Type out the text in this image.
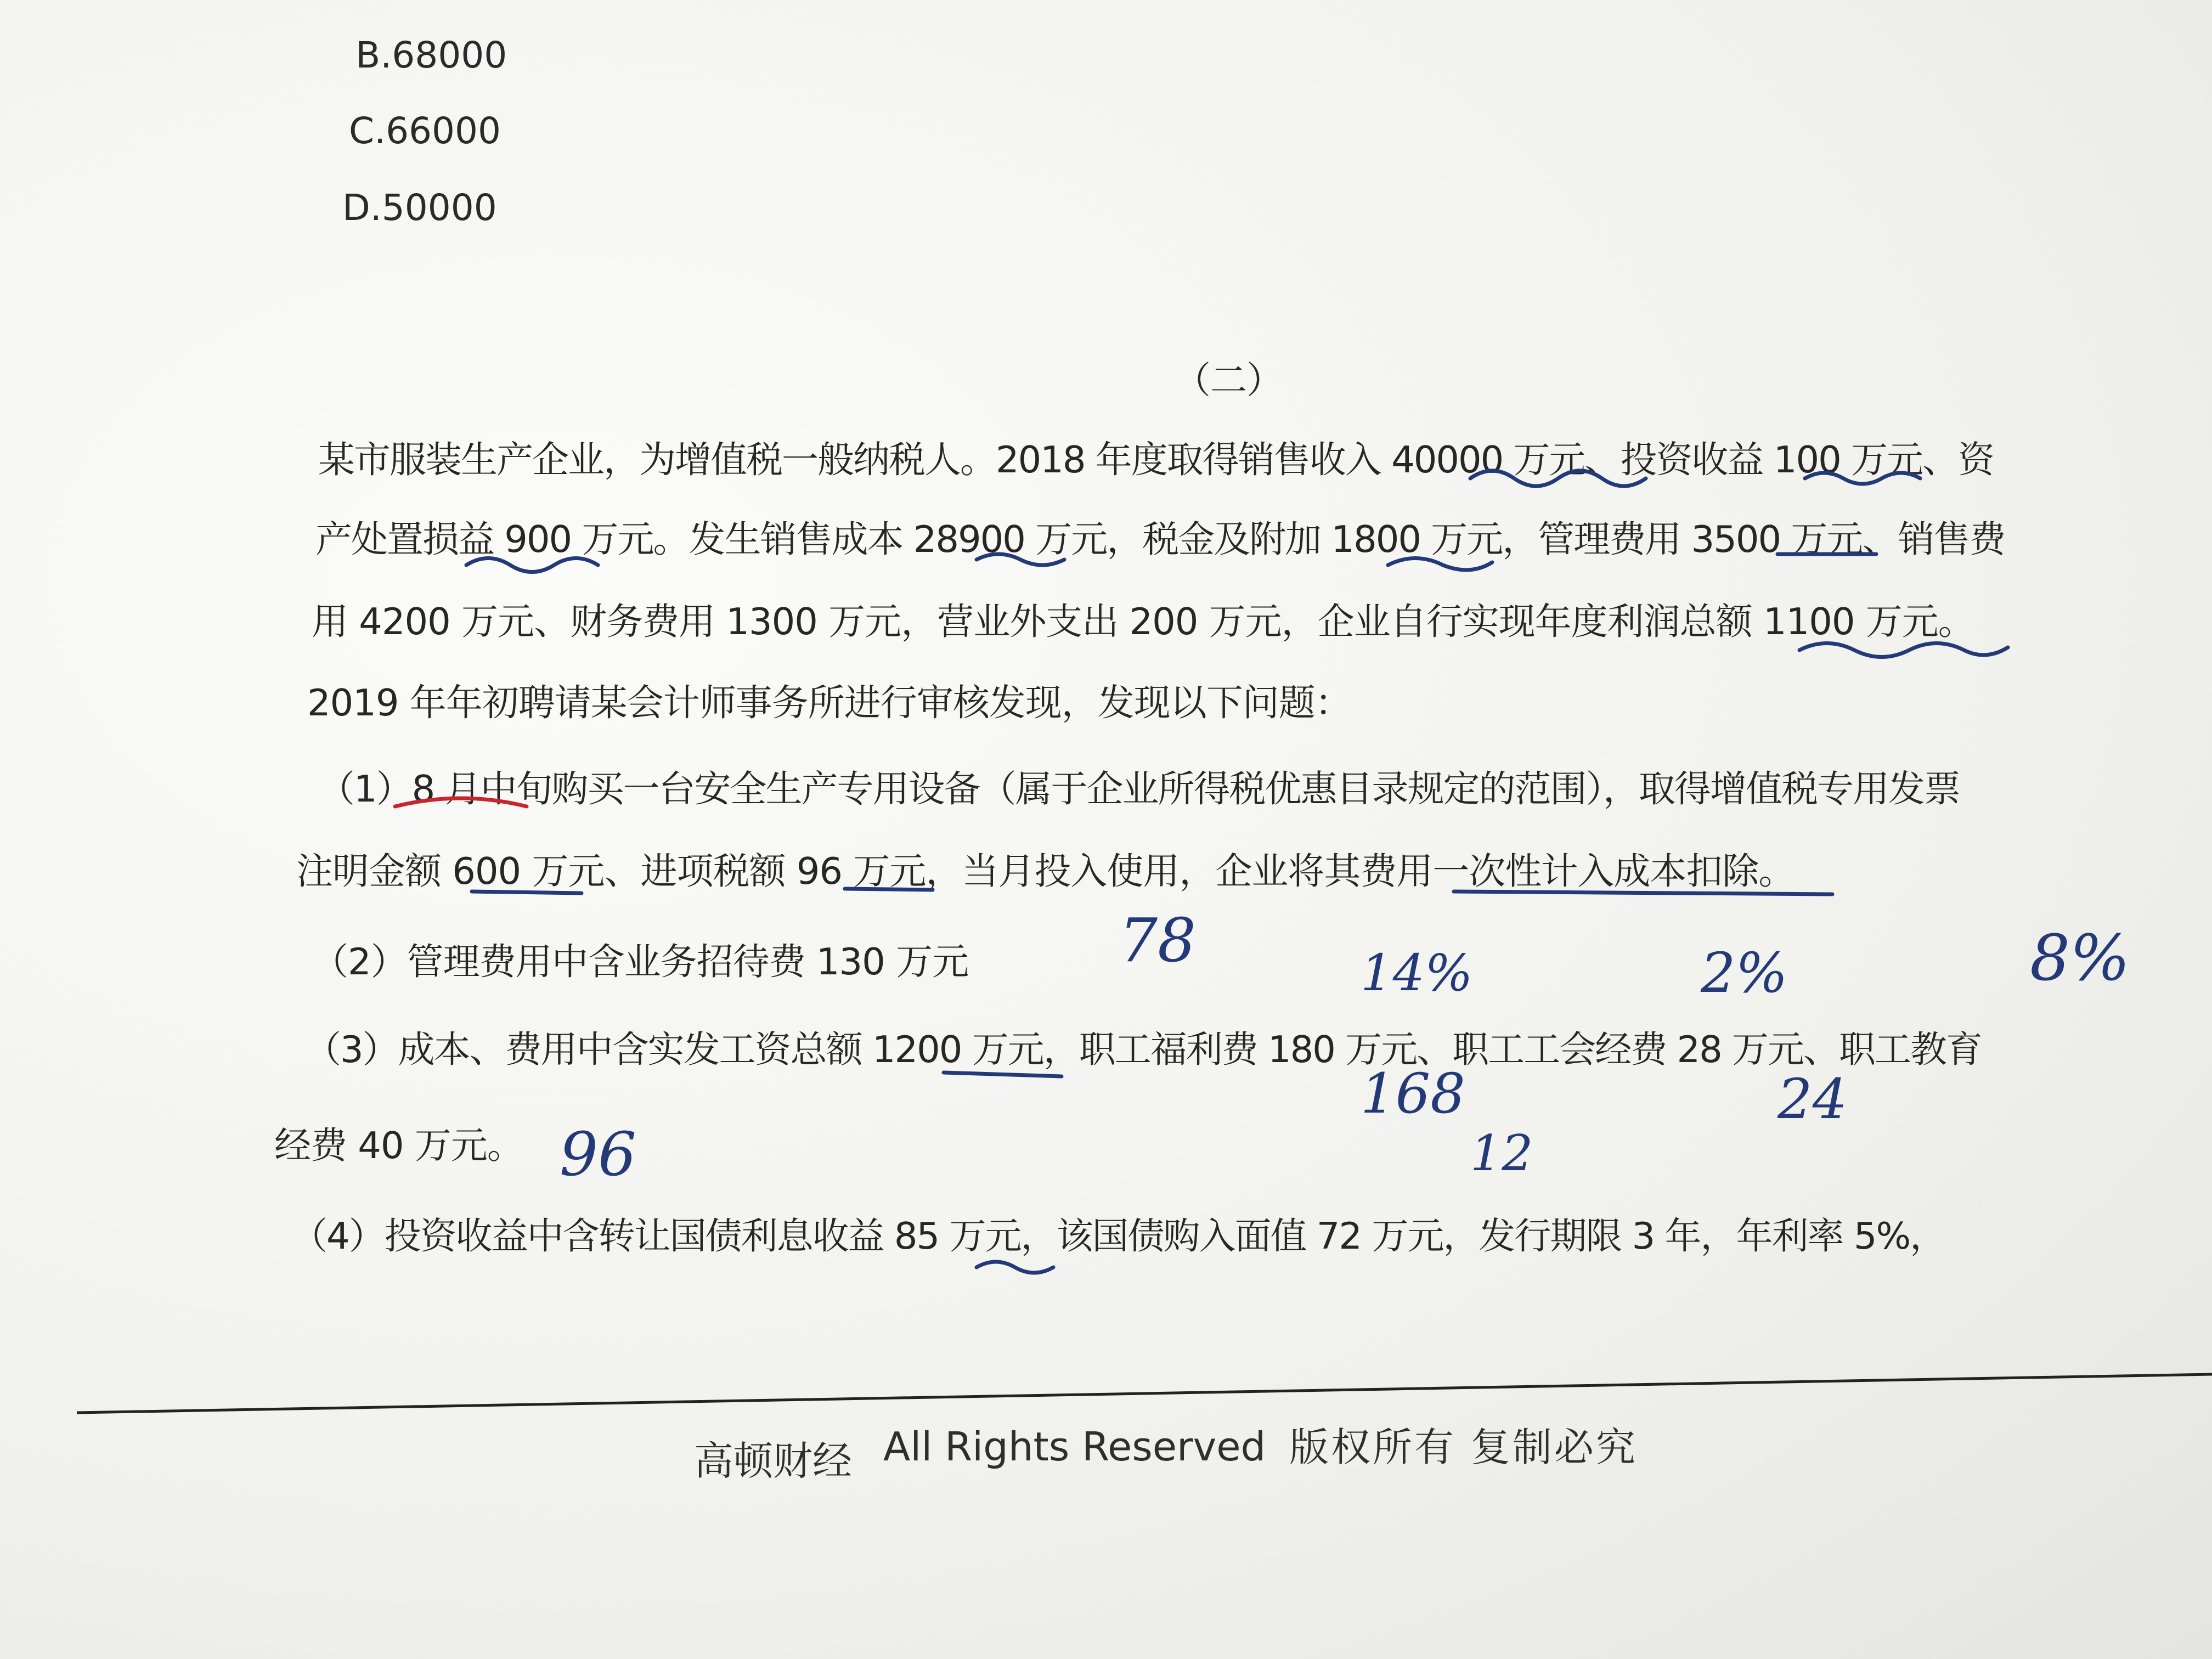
B.68000
C.66000
D.50000
（二）
某市服装生产企业，为增值税一般纳税人。2018 年度取得销售收入 40000 万元、投资收益 100 万元、资
产处置损益 900 万元。发生销售成本 28900 万元，税金及附加 1800 万元，管理费用 3500 万元、销售费
用 4200 万元、财务费用 1300 万元，营业外支出 200 万元，企业自行实现年度利润总额 1100 万元。
2019 年年初聘请某会计师事务所进行审核发现，发现以下问题：
（1）8 月中旬购买一台安全生产专用设备（属于企业所得税优惠目录规定的范围），取得增值税专用发票
注明金额 600 万元、进项税额 96 万元，当月投入使用，企业将其费用一次性计入成本扣除。
（2）管理费用中含业务招待费 130 万元
（3）成本、费用中含实发工资总额 1200 万元，职工福利费 180 万元、职工工会经费 28 万元、职工教育
经费 40 万元。
（4）投资收益中含转让国债利息收益 85 万元，该国债购入面值 72 万元，发行期限 3 年，年利率 5%，
78	14%	2%	8%
168	24
96	12
高顿财经 All Rights Reserved 版权所有 复制必究
